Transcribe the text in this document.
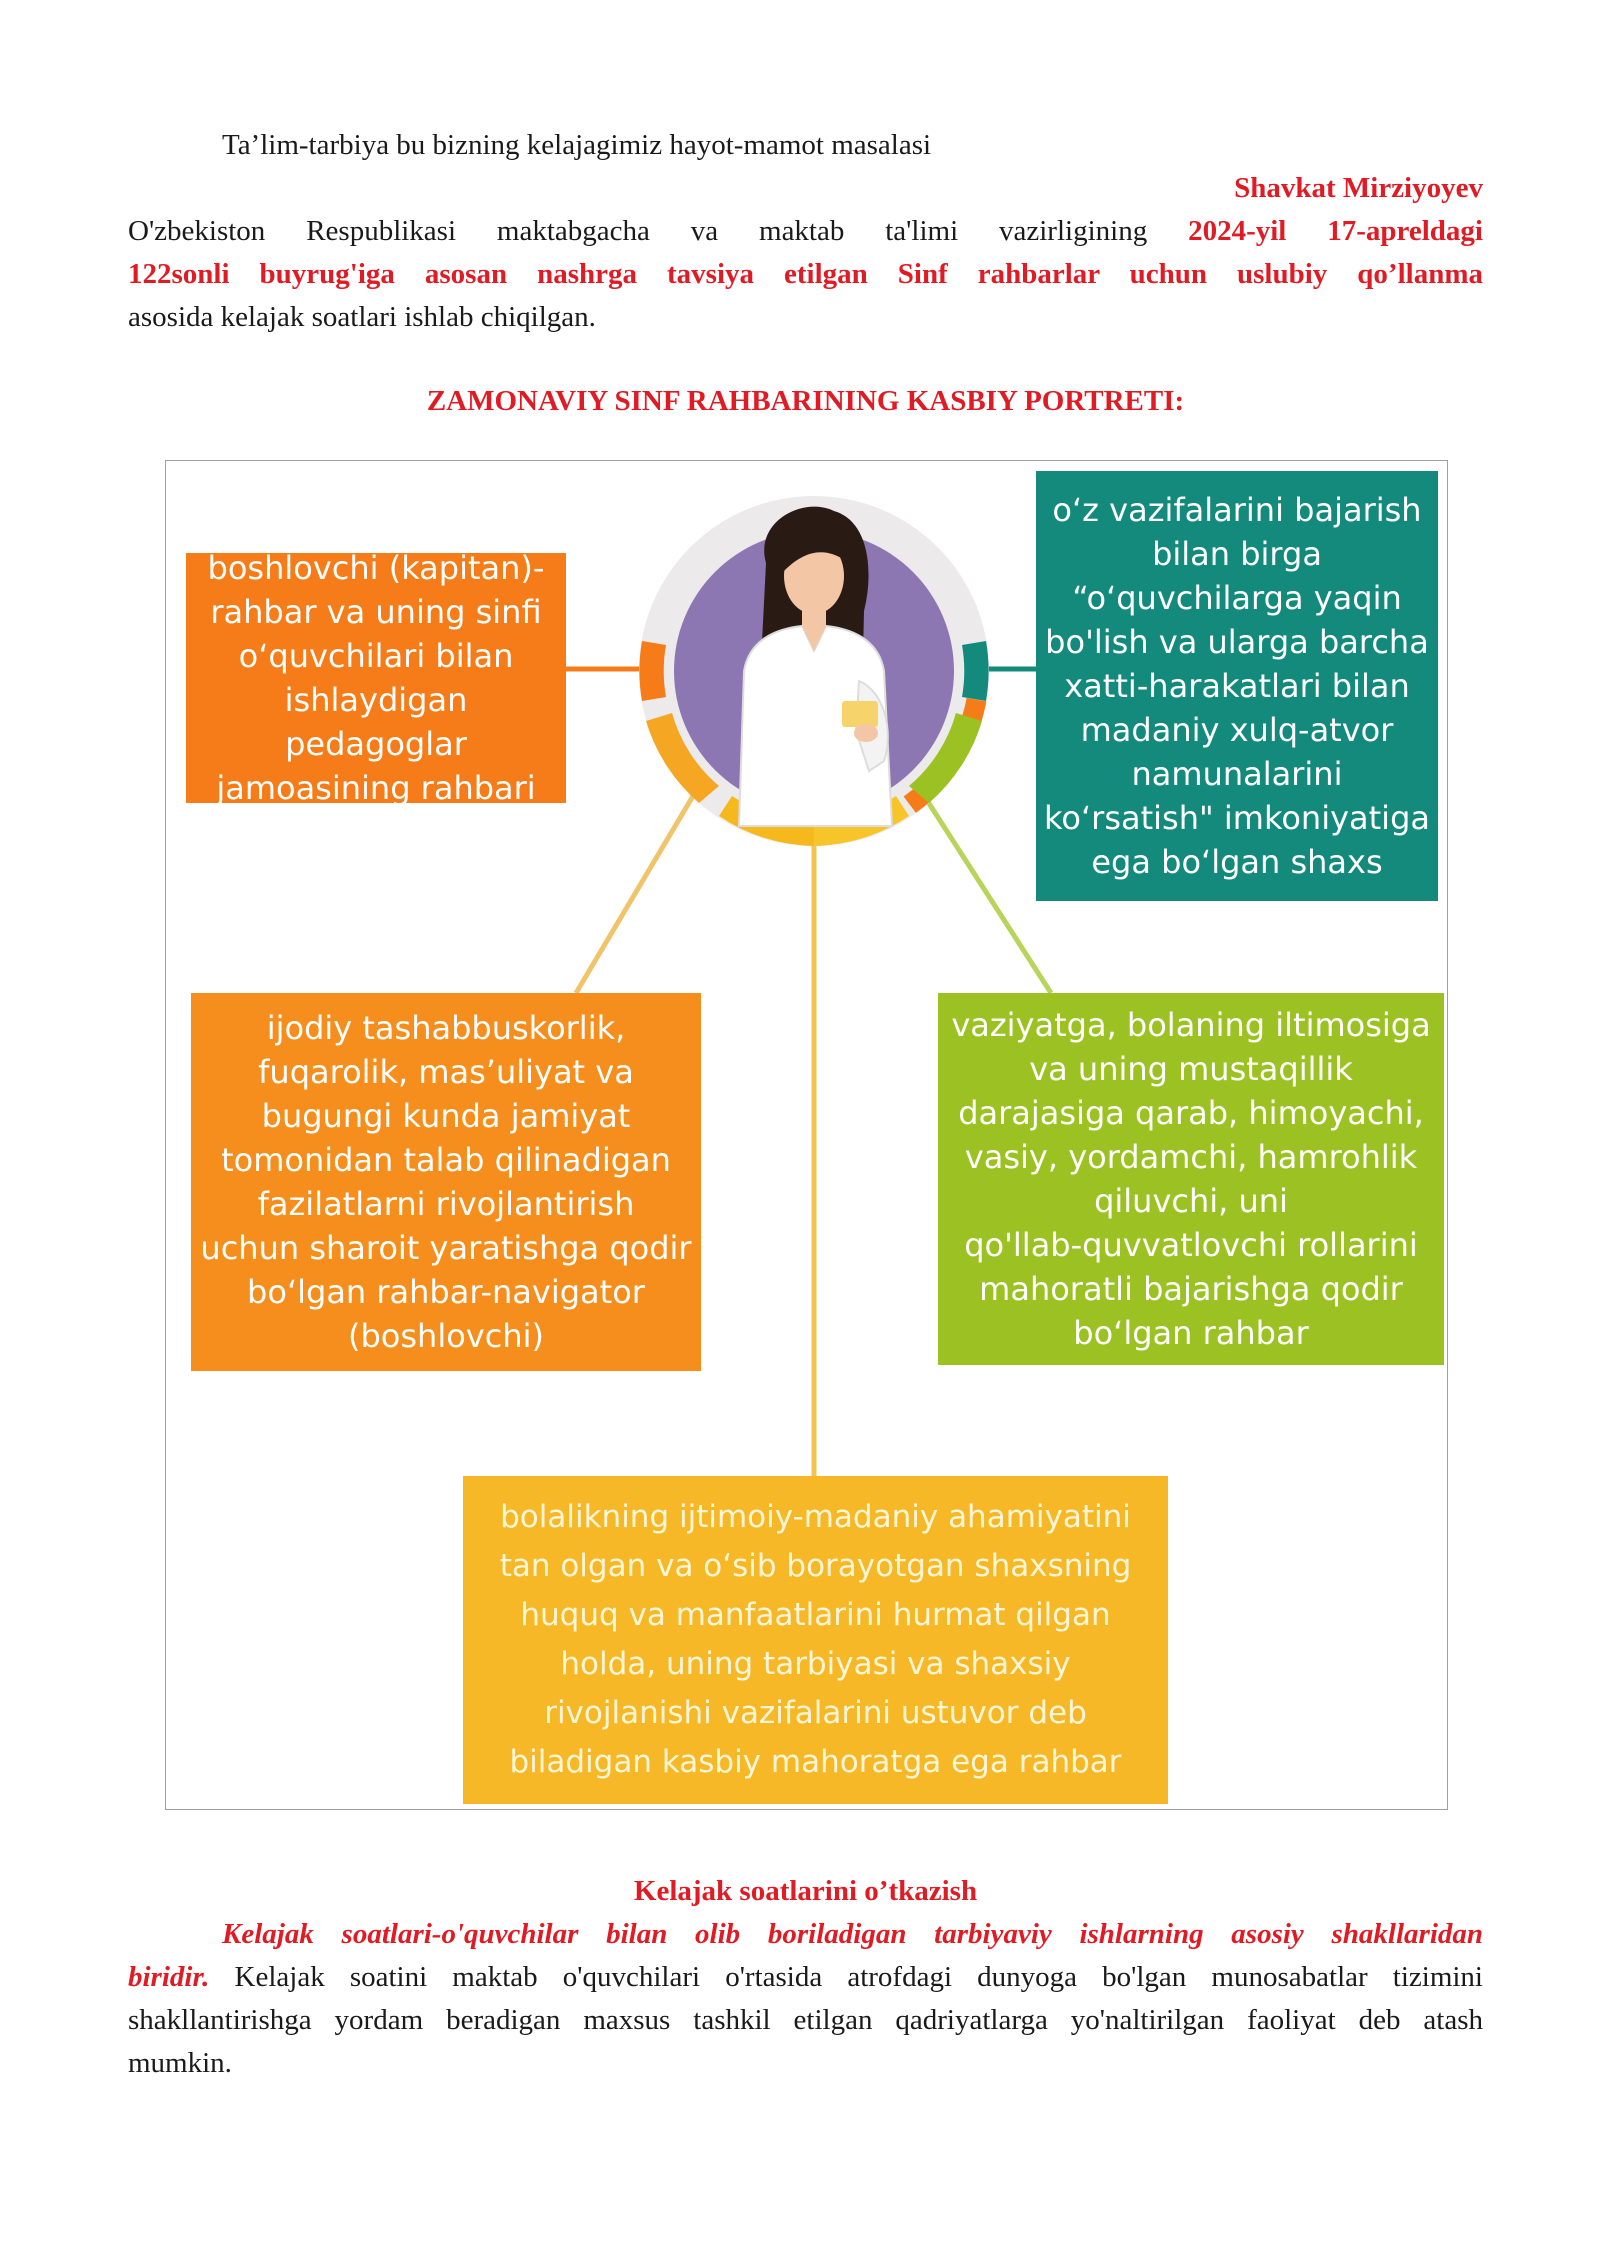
Ta’lim-tarbiya bu bizning kelajagimiz hayot-mamot masalasi
Shavkat Mirziyoyev
O'zbekiston Respublikasi maktabgacha va maktab ta'limi vazirligining 2024-yil 17-apreldagi
122sonli buyrug'iga asosan nashrga tavsiya etilgan Sinf rahbarlar uchun uslubiy qo’llanma
asosida kelajak soatlari ishlab chiqilgan.
ZAMONAVIY SINF RAHBARINING KASBIY PORTRETI:
boshlovchi (kapitan)-
rahbar va uning sinfi
o‘quvchilari bilan
ishlaydigan pedagoglar
jamoasining rahbari
o‘z vazifalarini bajarish
bilan birga
“o‘quvchilarga yaqin
bo'lish va ularga barcha
xatti-harakatlari bilan
madaniy xulq-atvor
namunalarini
ko‘rsatish" imkoniyatiga
ega bo‘lgan shaxs
ijodiy tashabbuskorlik,
fuqarolik, mas’uliyat va
bugungi kunda jamiyat
tomonidan talab qilinadigan
fazilatlarni rivojlantirish
uchun sharoit yaratishga qodir
bo‘lgan rahbar-navigator
(boshlovchi)
vaziyatga, bolaning iltimosiga
va uning mustaqillik
darajasiga qarab, himoyachi,
vasiy, yordamchi, hamrohlik
qiluvchi, uni
qo'llab-quvvatlovchi rollarini
mahoratli bajarishga qodir
bo‘lgan rahbar
bolalikning ijtimoiy-madaniy ahamiyatini
tan olgan va o‘sib borayotgan shaxsning
huquq va manfaatlarini hurmat qilgan
holda, uning tarbiyasi va shaxsiy
rivojlanishi vazifalarini ustuvor deb
biladigan kasbiy mahoratga ega rahbar
Kelajak soatlarini o’tkazish
Kelajak soatlari-o'quvchilar bilan olib boriladigan tarbiyaviy ishlarning asosiy shakllaridan
biridir. Kelajak soatini maktab o'quvchilari o'rtasida atrofdagi dunyoga bo'lgan munosabatlar tizimini
shakllantirishga yordam beradigan maxsus tashkil etilgan qadriyatlarga yo'naltirilgan faoliyat deb atash
mumkin.
